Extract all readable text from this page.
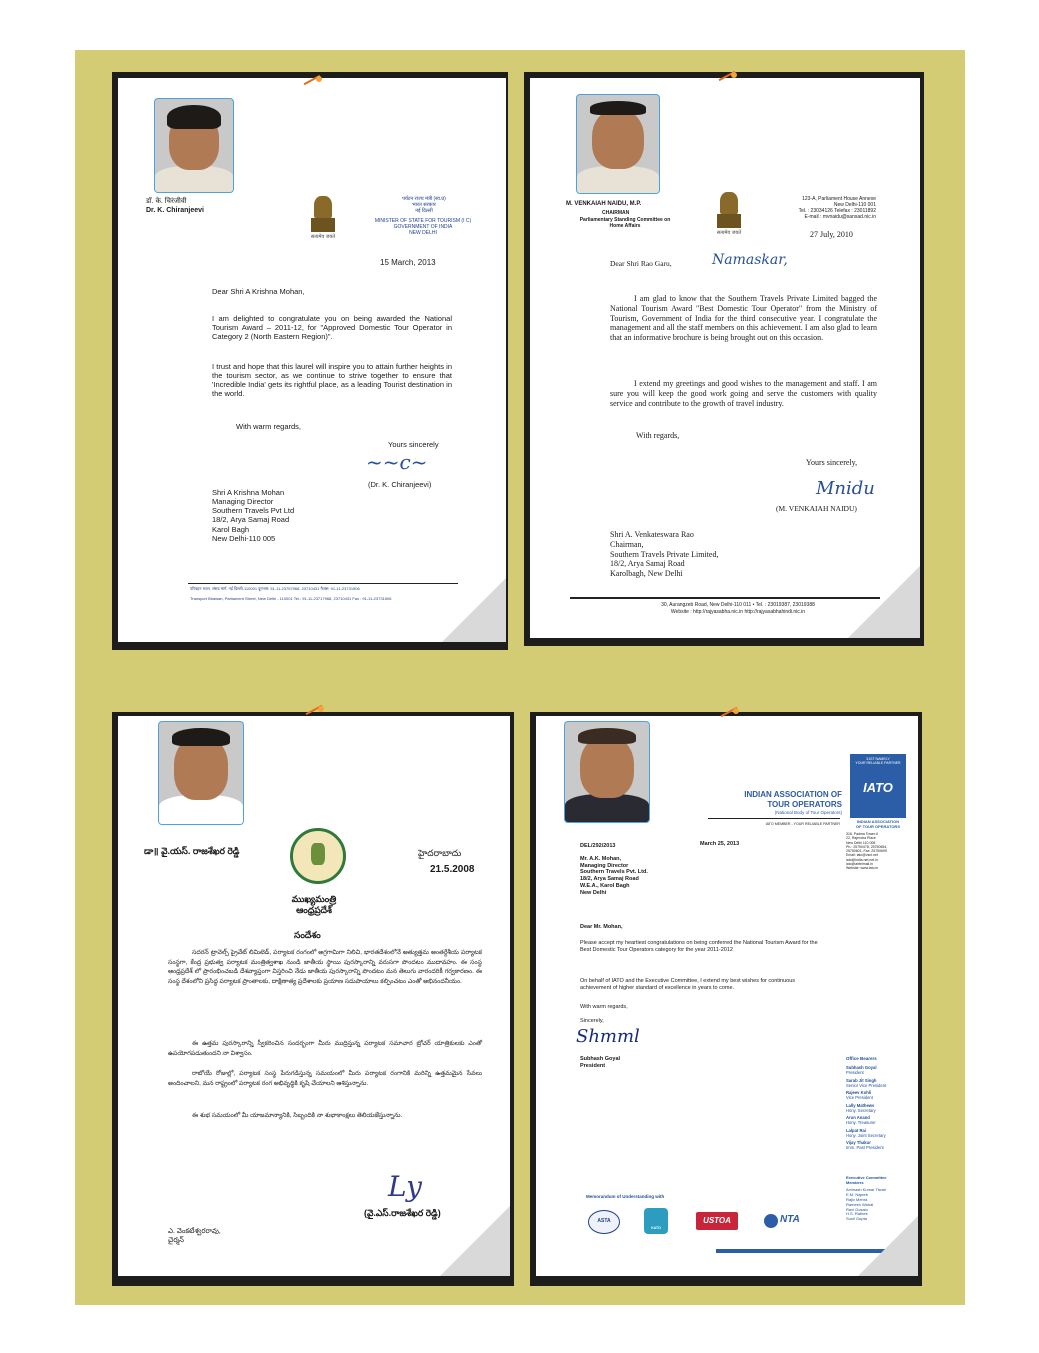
डॉ. के. चिरंजीवी
Dr. K. Chiranjeevi
सत्यमेव जयते
पर्यटन राज्य मंत्री (स्व.प्र)
भारत सरकार
नई दिल्ली
MINISTER OF STATE FOR TOURISM (I C)
GOVERNMENT OF INDIA
NEW DELHI
15 March, 2013
Dear Shri A Krishna Mohan,
I am delighted to congratulate you on being awarded the National Tourism Award – 2011-12, for "Approved Domestic Tour Operator in Category 2 (North Eastern Region)".
I trust and hope that this laurel will inspire you to attain further heights in the tourism sector, as we continue to strive together to ensure that 'Incredible India' gets its rightful place, as a leading Tourist destination in the world.
With warm regards,
Yours sincerely
~~c~
(Dr. K. Chiranjeevi)
Shri A Krishna Mohan
Managing Director
Southern Travels Pvt Ltd
18/2, Arya Samaj Road
Karol Bagh
New Delhi-110 005
परिवहन भवन, संसद मार्ग, नई दिल्ली-110001 दूरभाष: 91-11-23757968, 23710431 फैक्स: 91-11-23731506
Transport Bhawan, Parliament Street, New Delhi - 110001 Tel.: 91-11-23717968, 23710431 Fax : 91-11-23731506
M. VENKAIAH NAIDU, M.P.
CHAIRMAN
Parliamentary Standing Committee on
Home Affairs
सत्यमेव जयते
123-A, Parliament House Annexe
New Delhi-110 001
Tel. : 23034126 Telefax : 23011892
E-mail : mvnaidu@sansad.nic.in
27 July, 2010
Dear Shri Rao Garu,	Namaskar,
I am glad to know that the Southern Travels Private Limited bagged the National Tourism Award "Best Domestic Tour Operator" from the Ministry of Tourism, Government of India for the third consecutive year. I congratulate the management and all the staff members on this achievement. I am also glad to learn that an informative brochure is being brought out on this occasion.
I extend my greetings and good wishes to the management and staff. I am sure you will keep the good work going and serve the customers with quality service and contribute to the growth of travel industry.
With regards,
Yours sincerely,
Mnidu
(M. VENKAIAH NAIDU)
Shri A. Venkateswara Rao
Chairman,
Southern Travels Private Limited,
18/2, Arya Samaj Road
Karolbagh, New Delhi
30, Aurangzeb Road, New Delhi-110 011 • Tel. : 23019387, 23019388
Website : http://rajyasabha.nic.in http://rajyasabhahindi.nic.in
డా॥ వై.యస్. రాజశేఖర రెడ్డి	హైదరాబాదు
21.5.2008
ముఖ్యమంత్రి
ఆంధ్రప్రదేశ్
సందేశం
సదరన్ ట్రావెల్స్ ప్రైవేట్ లిమిటెడ్, పర్యాటక రంగంలో అగ్రగామిగా నిలిచి, భారతదేశంలోనే అత్యుత్తమ అంతర్దేశీయ పర్యాటక సంస్థగా, కేంద్ర ప్రభుత్వ పర్యాటక మంత్రిత్వశాఖ నుండి జాతీయ స్థాయి పురస్కారాన్ని వరుసగా పొందటం ముదావహం. ఈ సంస్థ ఆంధ్రప్రదేశ్ లో ప్రారంభించబడి దేశవ్యాప్తంగా విస్తరించి నేడు జాతీయ పురస్కారాన్ని పొందటం మన తెలుగు వారందరికీ గర్వకారణం. ఈ సంస్థ దేశంలోని ప్రసిద్ధ పర్యాటక ప్రాంతాలకు, దాక్షిణాత్య ప్రదేశాలకు ప్రయాణ సదుపాయాలు కల్పించటం ఎంతో అభినందనీయం.
ఈ ఉత్తమ పురస్కారాన్ని స్వీకరించిన సందర్భంగా మీరు ముద్రిస్తున్న పర్యాటక సమాచార బ్రోచర్ యాత్రికులకు ఎంతో ఉపయోగపడుతుందని నా విశ్వాసం.
రాబోయే రోజుల్లో, పర్యాటక సంస్థ పేరుగడిస్తున్న సమయంలో మీరు పర్యాటక రంగానికి మరిన్ని ఉత్తమమైన సేవలు అందించాలని, మన రాష్ట్రంలో పర్యాటక రంగ అభివృద్ధికి కృషి చేయాలని ఆశిస్తున్నాను.
ఈ శుభ సమయంలో మీ యాజమాన్యానికి, సిబ్బందికి నా శుభాకాంక్షలు తెలియజేస్తున్నాను.
Ly
(వై.ఎస్.రాజశేఖర రెడ్డి)
ఎ. వెంకటేశ్వరరావు,
చైర్మన్
INDIAN ASSOCIATION OF
TOUR OPERATORS
(National Body of Tour Operators)
IATO MEMBER - YOUR RELIABLE PARTNER
31ST NAMELY
YOUR RELIABLE PARTNER
IATO
INDIAN ASSOCIATION
OF TOUR OPERATORS
316, Padma Tower-II
22, Rajendra Place
New Delhi 110 008
Ph.: 25750478, 25750654,
25750601, Fax: 25750699
Email: iato@vsnl.net
iato@india.net.net.in
iato@airtelmail.in
Website: www.iato.in
DEL/292/2013	March 25, 2013
Mr. A.K. Mohan,
Managing Director
Southern Travels Pvt. Ltd.
18/2, Arya Samaj Road
W.E.A., Karol Bagh
New Delhi
Dear Mr. Mohan,
Please accept my heartiest congratulations on being conferred the National Tourism Award for the Best Domestic Tour Operators category for the year 2011-2012
On behalf of IATO and the Executive Committee, I extend my best wishes for continuous achievement of higher standard of excellence in years to come.
With warm regards,
Sincerely,
Shmml
Subhash Goyal
President
Office Bearers
Subhash Goyal
President
Sarab Jit Singh
Senior Vice President
Rajeev Kohli
Vice President
Lally Mathews
Hony. Secretary
Arun Anand
Hony. Treasurer
Lalpat Rai
Hony. Joint Secretary
Vijay Thakur
Imm. Past President
Executive Committee
Members
Arvinash Kumar Tiwari
E.M. Najeeb
Rajiv Mehra
Ramesh Wahal
Ravi Gosain
H.S. Rathee
Sunil Gupta
Memorandum of Understanding with
ASTA
KATO
USTOA	NTA
